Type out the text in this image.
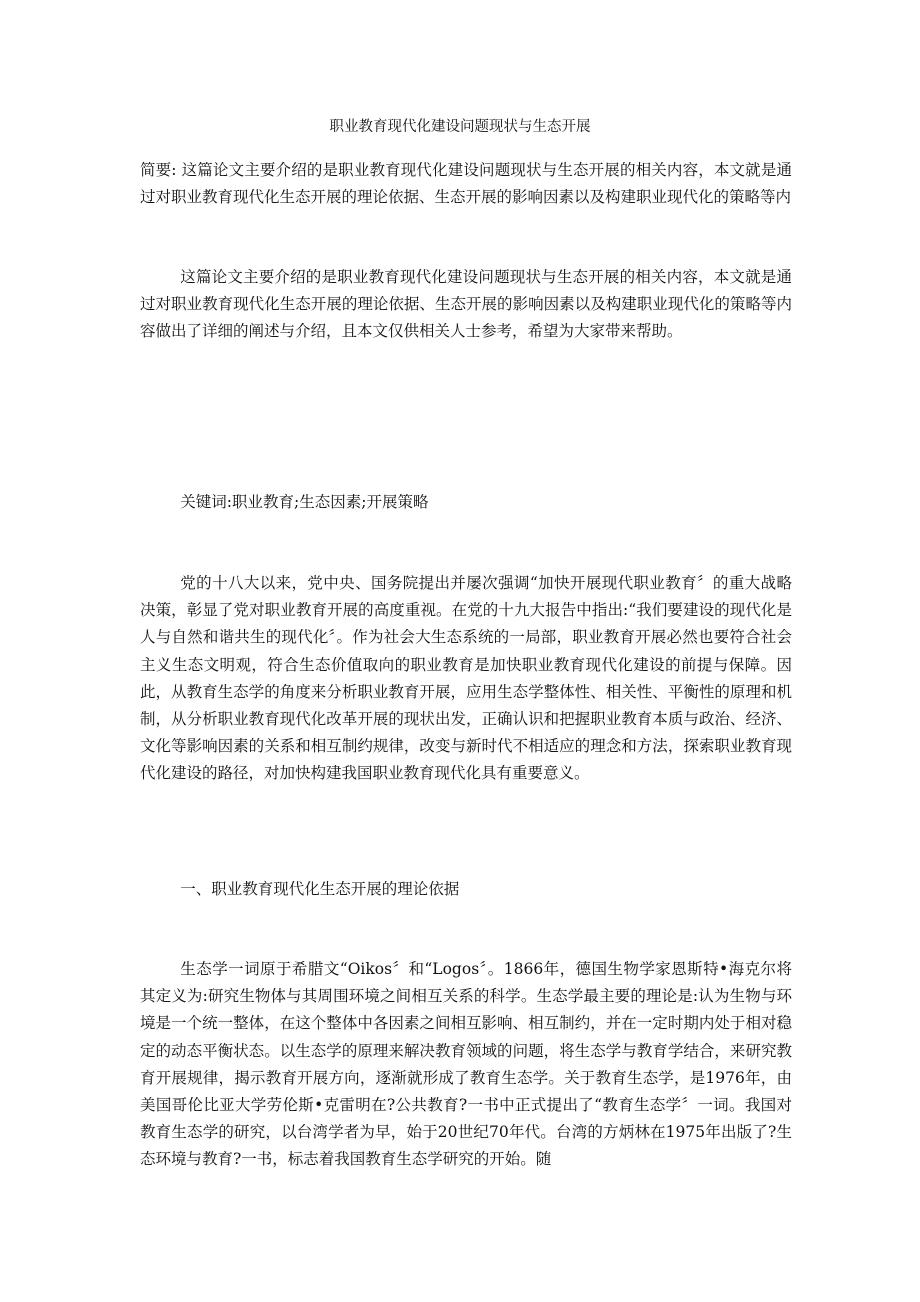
职业教育现代化建设问题现状与生态开展
简要: 这篇论文主要介绍的是职业教育现代化建设问题现状与生态开展的相关内容，本文就是通过对职业教育现代化生态开展的理论依据、生态开展的影响因素以及构建职业现代化的策略等内
这篇论文主要介绍的是职业教育现代化建设问题现状与生态开展的相关内容，本文就是通过对职业教育现代化生态开展的理论依据、生态开展的影响因素以及构建职业现代化的策略等内容做出了详细的阐述与介绍，且本文仅供相关人士参考，希望为大家带来帮助。
关键词:职业教育;生态因素;开展策略
党的十八大以来，党中央、国务院提出并屡次强调“加快开展现代职业教育〞的重大战略决策，彰显了党对职业教育开展的高度重视。在党的十九大报告中指出:“我们要建设的现代化是人与自然和谐共生的现代化〞。作为社会大生态系统的一局部，职业教育开展必然也要符合社会主义生态文明观，符合生态价值取向的职业教育是加快职业教育现代化建设的前提与保障。因此，从教育生态学的角度来分析职业教育开展，应用生态学整体性、相关性、平衡性的原理和机制，从分析职业教育现代化改革开展的现状出发，正确认识和把握职业教育本质与政治、经济、文化等影响因素的关系和相互制约规律，改变与新时代不相适应的理念和方法，探索职业教育现代化建设的路径，对加快构建我国职业教育现代化具有重要意义。
一、职业教育现代化生态开展的理论依据
生态学一词原于希腊文“Oikos〞和“Logos〞。1866年，德国生物学家恩斯特•海克尔将其定义为:研究生物体与其周围环境之间相互关系的科学。生态学最主要的理论是:认为生物与环境是一个统一整体，在这个整体中各因素之间相互影响、相互制约，并在一定时期内处于相对稳定的动态平衡状态。以生态学的原理来解决教育领域的问题，将生态学与教育学结合，来研究教育开展规律，揭示教育开展方向，逐渐就形成了教育生态学。关于教育生态学，是1976年，由美国哥伦比亚大学劳伦斯•克雷明在?公共教育?一书中正式提出了“教育生态学〞一词。我国对教育生态学的研究，以台湾学者为早，始于20世纪70年代。台湾的方炳林在1975年出版了?生态环境与教育?一书，标志着我国教育生态学研究的开始。随
